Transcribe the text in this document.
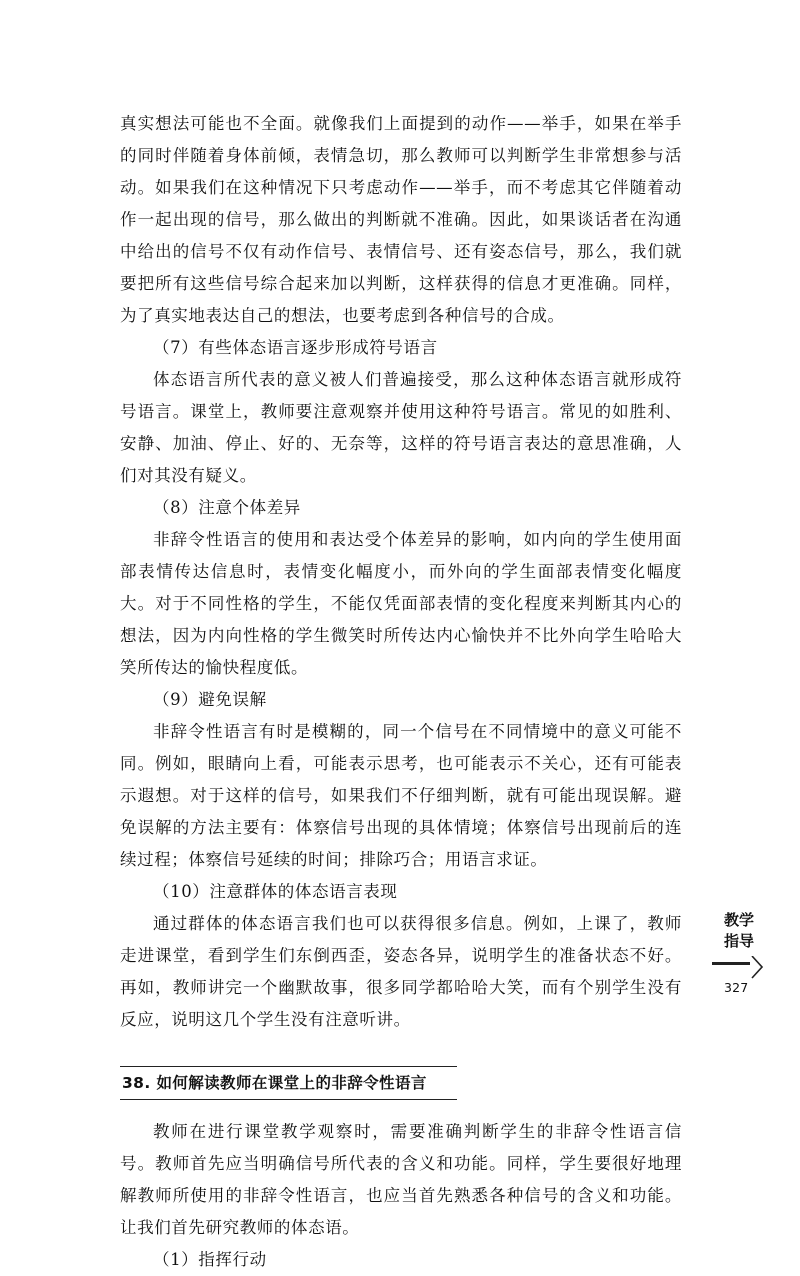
真实想法可能也不全面。就像我们上面提到的动作——举手，如果在举手的同时伴随着身体前倾，表情急切，那么教师可以判断学生非常想参与活动。如果我们在这种情况下只考虑动作——举手，而不考虑其它伴随着动作一起出现的信号，那么做出的判断就不准确。因此，如果谈话者在沟通中给出的信号不仅有动作信号、表情信号、还有姿态信号，那么，我们就要把所有这些信号综合起来加以判断，这样获得的信息才更准确。同样，为了真实地表达自己的想法，也要考虑到各种信号的合成。

（7）有些体态语言逐步形成符号语言

体态语言所代表的意义被人们普遍接受，那么这种体态语言就形成符号语言。课堂上，教师要注意观察并使用这种符号语言。常见的如胜利、安静、加油、停止、好的、无奈等，这样的符号语言表达的意思准确，人们对其没有疑义。

（8）注意个体差异

非辞令性语言的使用和表达受个体差异的影响，如内向的学生使用面部表情传达信息时，表情变化幅度小，而外向的学生面部表情变化幅度大。对于不同性格的学生，不能仅凭面部表情的变化程度来判断其内心的想法，因为内向性格的学生微笑时所传达内心愉快并不比外向学生哈哈大笑所传达的愉快程度低。

（9）避免误解

非辞令性语言有时是模糊的，同一个信号在不同情境中的意义可能不同。例如，眼睛向上看，可能表示思考，也可能表示不关心，还有可能表示遐想。对于这样的信号，如果我们不仔细判断，就有可能出现误解。避免误解的方法主要有：体察信号出现的具体情境；体察信号出现前后的连续过程；体察信号延续的时间；排除巧合；用语言求证。

（10）注意群体的体态语言表现

通过群体的体态语言我们也可以获得很多信息。例如，上课了，教师走进课堂，看到学生们东倒西歪，姿态各异，说明学生的准备状态不好。再如，教师讲完一个幽默故事，很多同学都哈哈大笑，而有个别学生没有反应，说明这几个学生没有注意听讲。

38. 如何解读教师在课堂上的非辞令性语言

教师在进行课堂教学观察时，需要准确判断学生的非辞令性语言信号。教师首先应当明确信号所代表的含义和功能。同样，学生要很好地理解教师所使用的非辞令性语言，也应当首先熟悉各种信号的含义和功能。让我们首先研究教师的体态语。

（1）指挥行动

教学指导
327
